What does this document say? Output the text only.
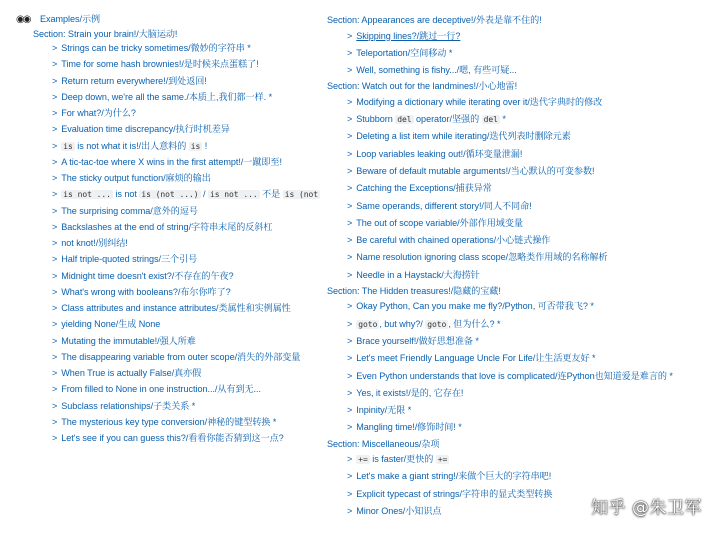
◉◉ Examples/示例
Section: Strain your brain!/大脑运动!
> Strings can be tricky sometimes/微妙的字符串 *
> Time for some hash brownies!/是时候来点蛋糕了!
> Return return everywhere!/到处返回!
> Deep down, we're all the same./本质上,我们都一样. *
> For what?/为什么?
> Evaluation time discrepancy/执行时机差异
> is is not what it is!/出人意料的 is !
> A tic-tac-toe where X wins in the first attempt!/一蹴即至!
> The sticky output function/麻烦的输出
> is not ... is not is (not ...) / is not ... 不是 is (not
> The surprising comma/意外的逗号
> Backslashes at the end of string/字符串末尾的反斜杠
> not knot!/别纠结!
> Half triple-quoted strings/三个引号
> Midnight time doesn't exist?/不存在的午夜?
> What's wrong with booleans?/布尔你咋了?
> Class attributes and instance attributes/类属性和实例属性
> yielding None/生成 None
> Mutating the immutable!/强人所难
> The disappearing variable from outer scope/消失的外部变量
> When True is actually False/真亦假
> From filled to None in one instruction.../从有到无...
> Subclass relationships/子类关系 *
> The mysterious key type conversion/神秘的键型转换 *
> Let's see if you can guess this?/看看你能否猜到这一点?
Section: Appearances are deceptive!/外表是靠不住的!
> Skipping lines?/跳过一行?
> Teleportation/空间移动 *
> Well, something is fishy.../嗯, 有些可疑...
Section: Watch out for the landmines!/小心地雷!
> Modifying a dictionary while iterating over it/迭代字典时的修改
> Stubborn del operator/坚强的 del *
> Deleting a list item while iterating/迭代列表时删除元素
> Loop variables leaking out!/循环变量泄漏!
> Beware of default mutable arguments!/当心默认的可变参数!
> Catching the Exceptions/捕获异常
> Same operands, different story!/同人不同命!
> The out of scope variable/外部作用域变量
> Be careful with chained operations/小心链式操作
> Name resolution ignoring class scope/忽略类作用域的名称解析
> Needle in a Haystack/大海捞针
Section: The Hidden treasures!/隐藏的宝藏!
> Okay Python, Can you make me fly?/Python, 可否带我飞? *
> goto , but why?/ goto , 但为什么? *
> Brace yourself!/做好思想准备 *
> Let's meet Friendly Language Uncle For Life/让生活更友好 *
> Even Python understands that love is complicated/连Python也知道爱是难言的 *
> Yes, it exists!/是的, 它存在!
> Inpinity/无限 *
> Mangling time!/修饰时间! *
Section: Miscellaneous/杂项
> += is faster/更快的 +=
> Let's make a giant string!/来做个巨大的字符串吧!
> Explicit typecast of strings/字符串的显式类型转换
> Minor Ones/小知识点	知乎 @朱卫军
